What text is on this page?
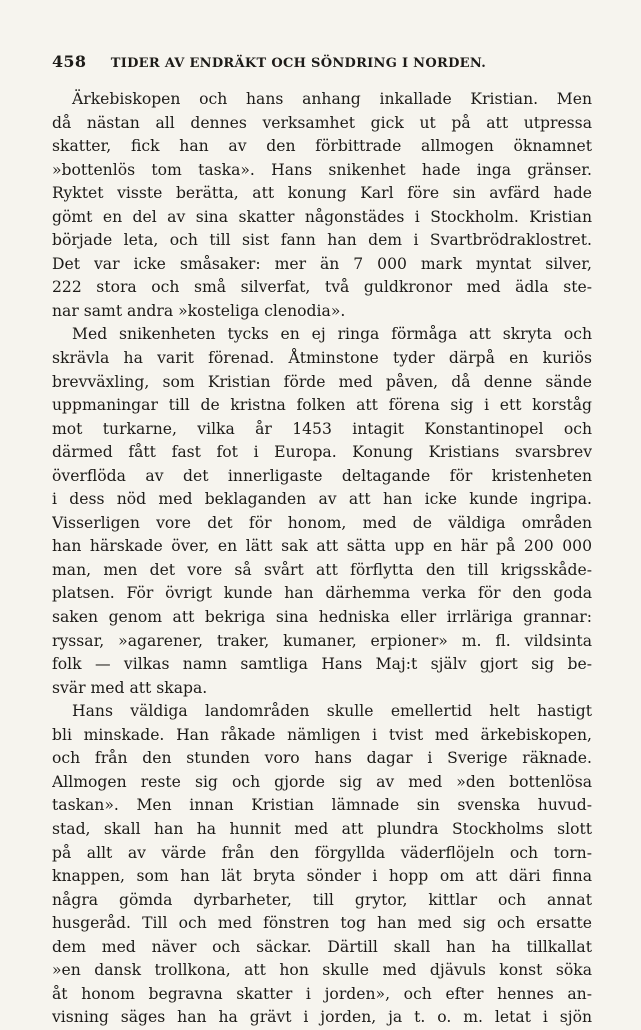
458 TIDER AV ENDRÄKT OCH SÖNDRING I NORDEN.
Ärkebiskopen och hans anhang inkallade Kristian. Men
då nästan all dennes verksamhet gick ut på att utpressa
skatter, fick han av den förbittrade allmogen öknamnet
»bottenlös tom taska». Hans snikenhet hade inga gränser.
Ryktet visste berätta, att konung Karl före sin avfärd hade
gömt en del av sina skatter någonstädes i Stockholm. Kristian
började leta, och till sist fann han dem i Svartbrödraklostret.
Det var icke småsaker: mer än 7 000 mark myntat silver,
222 stora och små silverfat, två guldkronor med ädla ste-
nar samt andra »kosteliga clenodia».
Med snikenheten tycks en ej ringa förmåga att skryta och
skrävla ha varit förenad. Åtminstone tyder därpå en kuriös
brevväxling, som Kristian förde med påven, då denne sände
uppmaningar till de kristna folken att förena sig i ett korståg
mot turkarne, vilka år 1453 intagit Konstantinopel och
därmed fått fast fot i Europa. Konung Kristians svarsbrev
överflöda av det innerligaste deltagande för kristenheten
i dess nöd med beklaganden av att han icke kunde ingripa.
Visserligen vore det för honom, med de väldiga områden
han härskade över, en lätt sak att sätta upp en här på 200 000
man, men det vore så svårt att förflytta den till krigsskåde-
platsen. För övrigt kunde han därhemma verka för den goda
saken genom att bekriga sina hedniska eller irrläriga grannar:
ryssar, »agarener, traker, kumaner, erpioner» m. fl. vildsinta
folk — vilkas namn samtliga Hans Maj:t själv gjort sig be-
svär med att skapa.
Hans väldiga landområden skulle emellertid helt hastigt
bli minskade. Han råkade nämligen i tvist med ärkebiskopen,
och från den stunden voro hans dagar i Sverige räknade.
Allmogen reste sig och gjorde sig av med »den bottenlösa
taskan». Men innan Kristian lämnade sin svenska huvud-
stad, skall han ha hunnit med att plundra Stockholms slott
på allt av värde från den förgyllda väderflöjeln och torn-
knappen, som han lät bryta sönder i hopp om att däri finna
några gömda dyrbarheter, till grytor, kittlar och annat
husgeråd. Till och med fönstren tog han med sig och ersatte
dem med näver och säckar. Därtill skall han ha tillkallat
»en dansk trollkona, att hon skulle med djävuls konst söka
åt honom begravna skatter i jorden», och efter hennes an-
visning säges han ha grävt i jorden, ja t. o. m. letat i sjön
